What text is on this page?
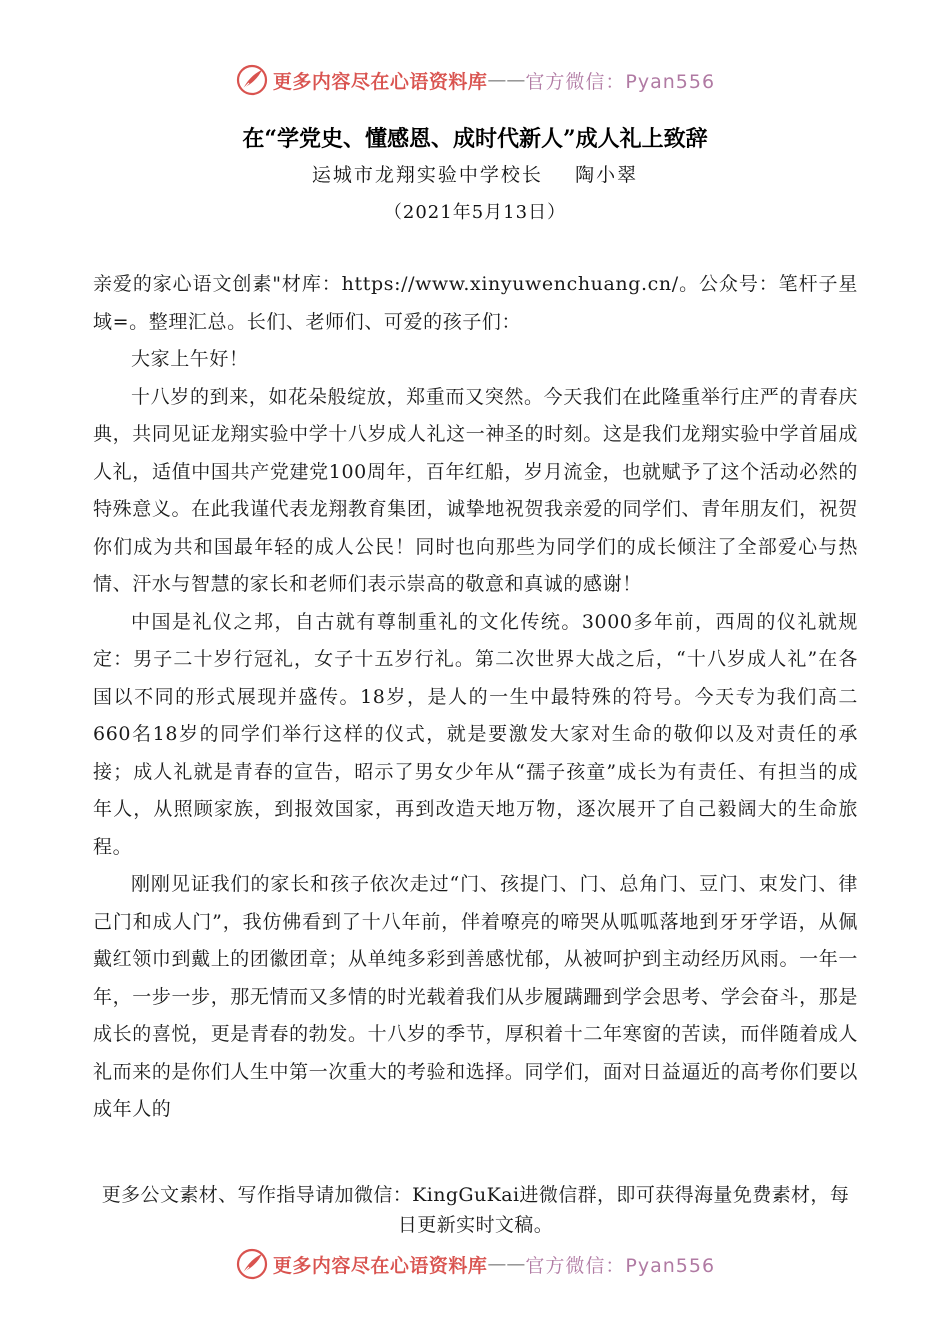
更多内容尽在心语资料库 —— 官方微信：Pyan556
在“学党史、懂感恩、成时代新人”成人礼上致辞
运城市龙翔实验中学校长    陶小翠
（2021年5月13日）

亲爱的家心语文创素"材库：https://www.xinyuwenchuang.cn/。公众号：笔杆子星域=。整理汇总。长们、老师们、可爱的孩子们：

大家上午好！

十八岁的到来，如花朵般绽放，郑重而又突然。今天我们在此隆重举行庄严的青春庆典，共同见证龙翔实验中学十八岁成人礼这一神圣的时刻。这是我们龙翔实验中学首届成人礼，适值中国共产党建党100周年，百年红船，岁月流金，也就赋予了这个活动必然的特殊意义。在此我谨代表龙翔教育集团，诚挚地祝贺我亲爱的同学们、青年朋友们，祝贺你们成为共和国最年轻的成人公民！同时也向那些为同学们的成长倾注了全部爱心与热情、汗水与智慧的家长和老师们表示崇高的敬意和真诚的感谢！

中国是礼仪之邦，自古就有尊制重礼的文化传统。3000多年前，西周的仪礼就规定：男子二十岁行冠礼，女子十五岁行礼。第二次世界大战之后，“十八岁成人礼”在各国以不同的形式展现并盛传。18岁，是人的一生中最特殊的符号。今天专为我们高二660名18岁的同学们举行这样的仪式，就是要激发大家对生命的敬仰以及对责任的承接；成人礼就是青春的宣告，昭示了男女少年从“孺子孩童”成长为有责任、有担当的成年人，从照顾家族，到报效国家，再到改造天地万物，逐次展开了自己毅阔大的生命旅程。

刚刚见证我们的家长和孩子依次走过“门、孩提门、门、总角门、豆门、束发门、律己门和成人门”，我仿佛看到了十八年前，伴着嘹亮的啼哭从呱呱落地到牙牙学语，从佩戴红领巾到戴上的团徽团章；从单纯多彩到善感忧郁，从被呵护到主动经历风雨。一年一年，一步一步，那无情而又多情的时光载着我们从步履蹒跚到学会思考、学会奋斗，那是成长的喜悦，更是青春的勃发。十八岁的季节，厚积着十二年寒窗的苦读，而伴随着成人礼而来的是你们人生中第一次重大的考验和选择。同学们，面对日益逼近的高考你们要以成年人的

更多公文素材、写作指导请加微信：KingGuKai进微信群，即可获得海量免费素材，每日更新实时文稿。
更多内容尽在心语资料库 —— 官方微信：Pyan556
